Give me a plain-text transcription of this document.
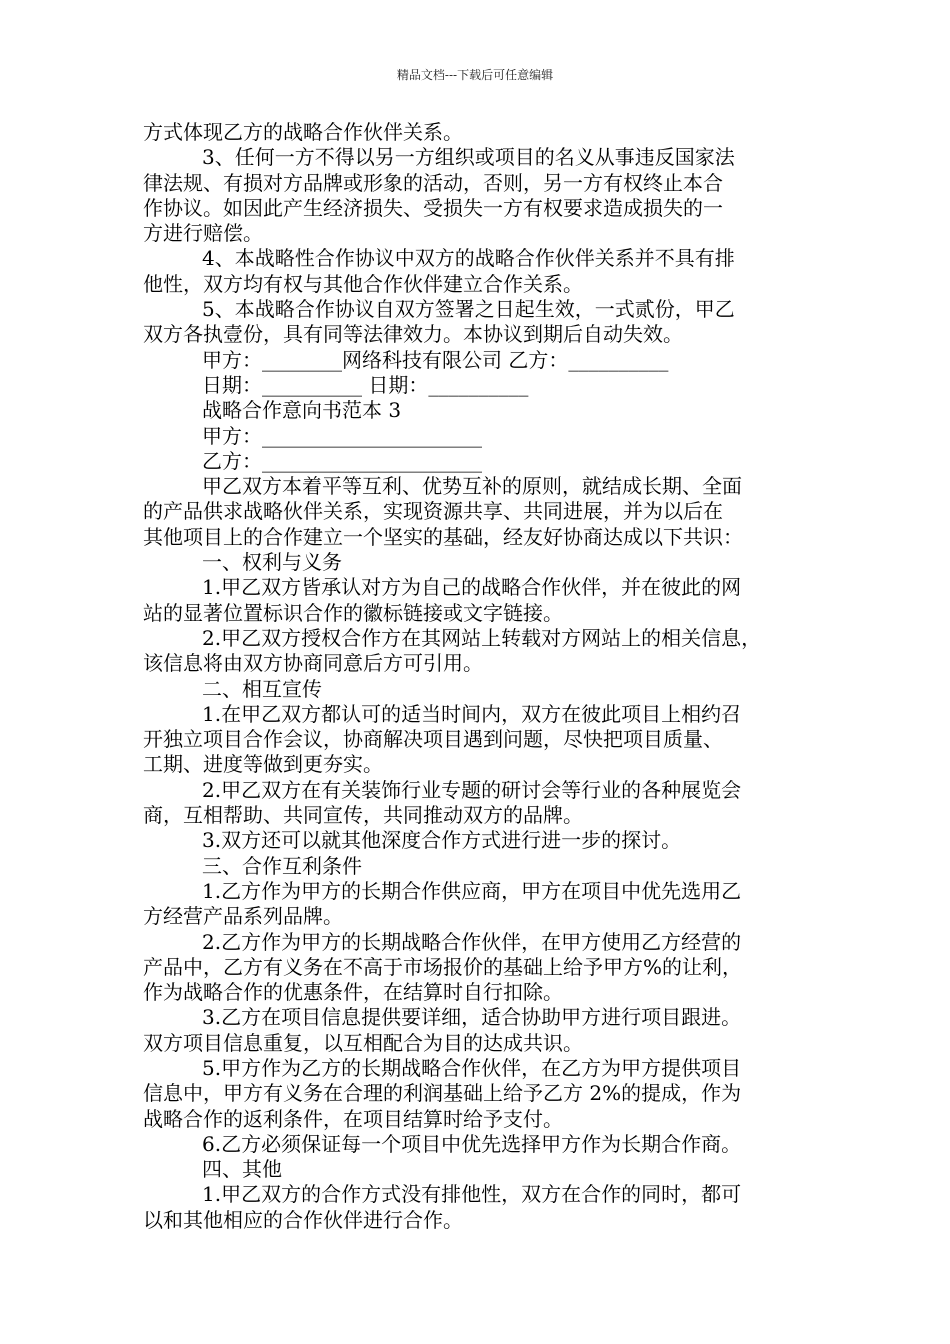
精品文档---下载后可任意编辑

方式体现乙方的战略合作伙伴关系。

3、任何一方不得以另一方组织或项目的名义从事违反国家法

律法规、有损对方品牌或形象的活动，否则，另一方有权终止本合

作协议。如因此产生经济损失、受损失一方有权要求造成损失的一

方进行赔偿。

4、本战略性合作协议中双方的战略合作伙伴关系并不具有排

他性，双方均有权与其他合作伙伴建立合作关系。

5、本战略合作协议自双方签署之日起生效，一式贰份，甲乙

双方各执壹份，具有同等法律效力。本协议到期后自动失效。

甲方：________网络科技有限公司 乙方：__________

日期：__________ 日期：__________

战略合作意向书范本 3

甲方：______________________

乙方：______________________

甲乙双方本着平等互利、优势互补的原则，就结成长期、全面

的产品供求战略伙伴关系，实现资源共享、共同进展，并为以后在

其他项目上的合作建立一个坚实的基础，经友好协商达成以下共识：

一、权利与义务

1.甲乙双方皆承认对方为自己的战略合作伙伴，并在彼此的网

站的显著位置标识合作的徽标链接或文字链接。

2.甲乙双方授权合作方在其网站上转载对方网站上的相关信息，

该信息将由双方协商同意后方可引用。

二、相互宣传

1.在甲乙双方都认可的适当时间内，双方在彼此项目上相约召

开独立项目合作会议，协商解决项目遇到问题，尽快把项目质量、

工期、进度等做到更夯实。

2.甲乙双方在有关装饰行业专题的研讨会等行业的各种展览会

商，互相帮助、共同宣传，共同推动双方的品牌。

3.双方还可以就其他深度合作方式进行进一步的探讨。

三、合作互利条件

1.乙方作为甲方的长期合作供应商，甲方在项目中优先选用乙

方经营产品系列品牌。

2.乙方作为甲方的长期战略合作伙伴，在甲方使用乙方经营的

产品中，乙方有义务在不高于市场报价的基础上给予甲方%的让利，

作为战略合作的优惠条件，在结算时自行扣除。

3.乙方在项目信息提供要详细，适合协助甲方进行项目跟进。

双方项目信息重复，以互相配合为目的达成共识。

5.甲方作为乙方的长期战略合作伙伴，在乙方为甲方提供项目

信息中，甲方有义务在合理的利润基础上给予乙方 2%的提成，作为

战略合作的返利条件，在项目结算时给予支付。

6.乙方必须保证每一个项目中优先选择甲方作为长期合作商。

四、其他

1.甲乙双方的合作方式没有排他性，双方在合作的同时，都可

以和其他相应的合作伙伴进行合作。
